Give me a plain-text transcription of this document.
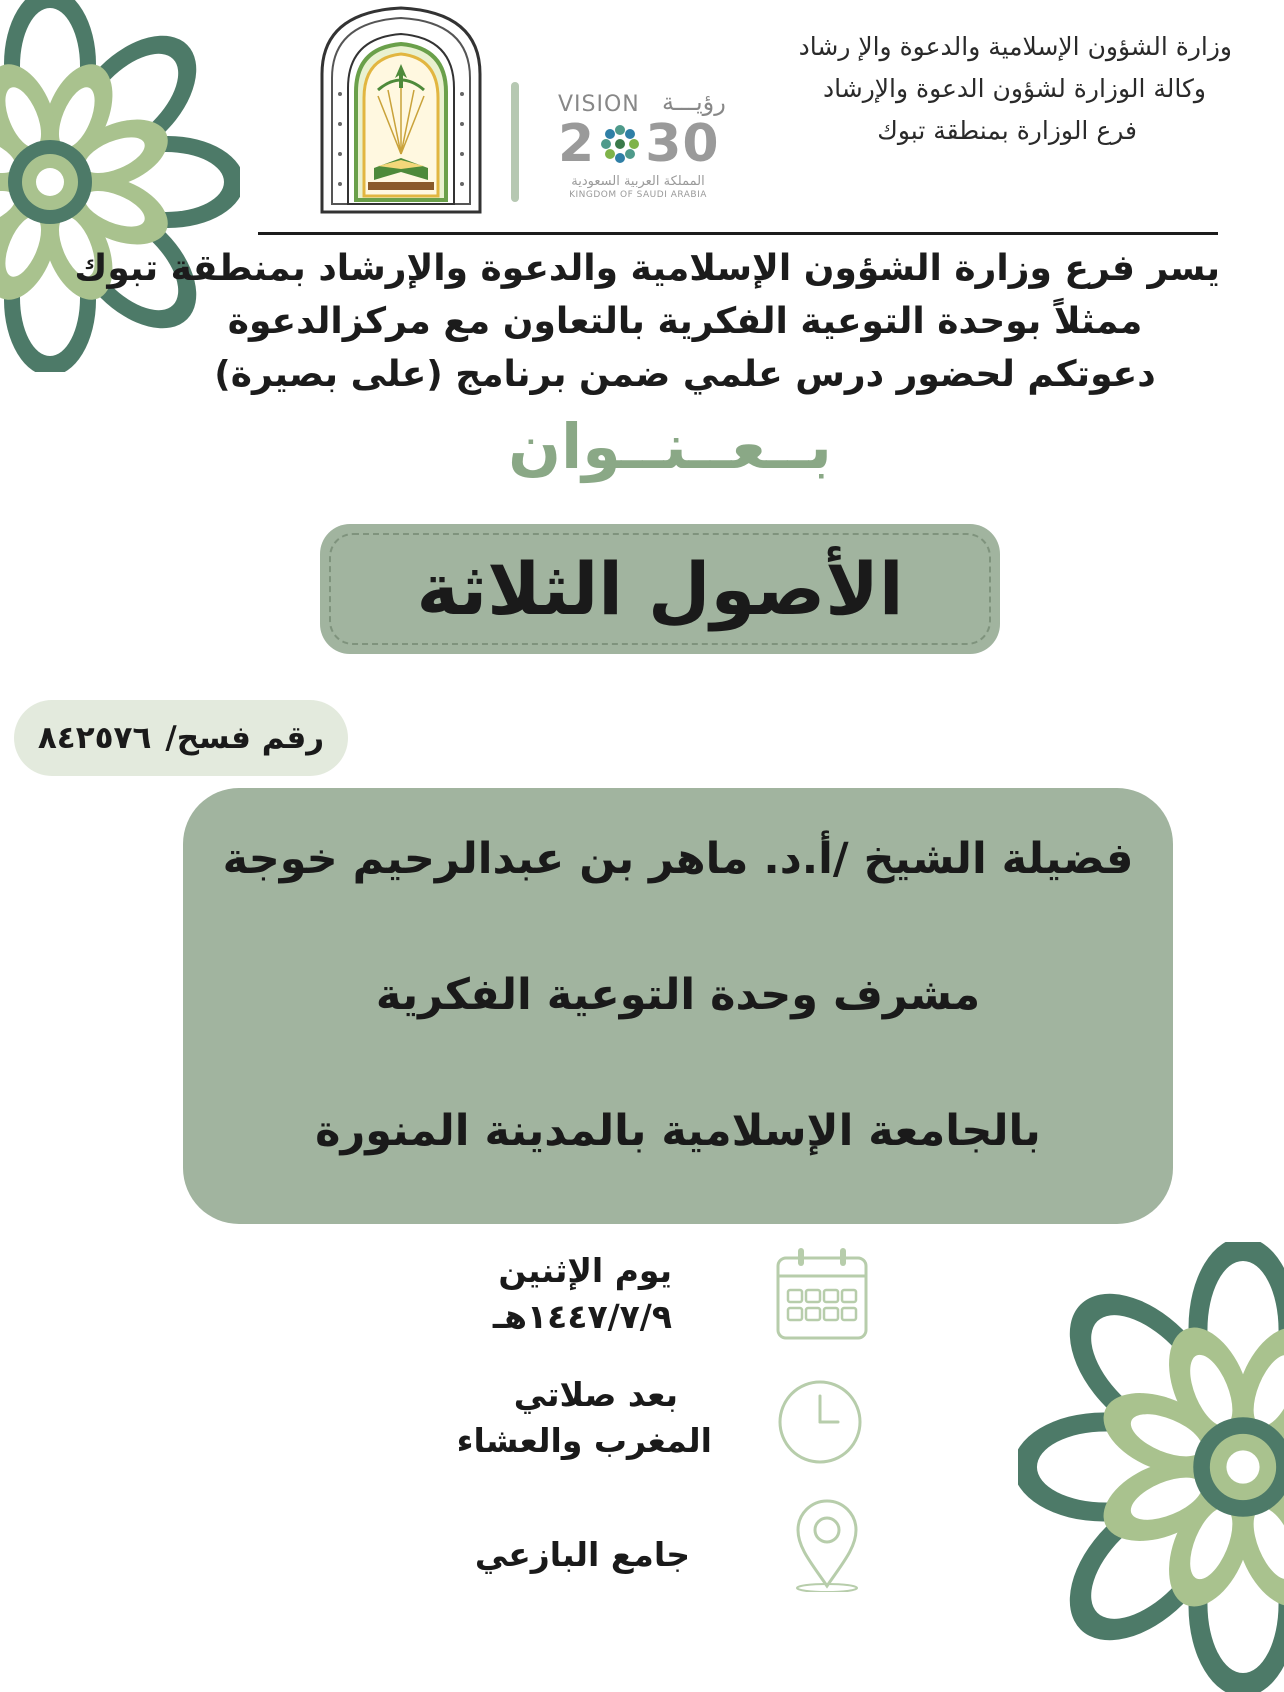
وزارة الشؤون الإسلامية والدعوة والإ رشاد
وكالة الوزارة لشؤون الدعوة والإرشاد
فرع الوزارة بمنطقة تبوك
VISION رؤيـــة
2 30
المملكة العربية السعودية
KINGDOM OF SAUDI ARABIA
يسر فرع وزارة الشؤون الإسلامية والدعوة والإرشاد بمنطقة تبوك
ممثلاً بوحدة التوعية الفكرية بالتعاون مع مركزالدعوة
دعوتكم لحضور درس علمي ضمن برنامج (على بصيرة)
بــعــنــوان
الأصول الثلاثة
رقم فسح/
٨٤٢٥٧٦
فضيلة الشيخ /أ.د. ماهر بن عبدالرحيم خوجة
مشرف وحدة التوعية الفكرية
بالجامعة الإسلامية بالمدينة المنورة
يوم الإثنين
١٤٤٧/٧/٩هـ
بعد صلاتي
المغرب والعشاء
جامع البازعي
